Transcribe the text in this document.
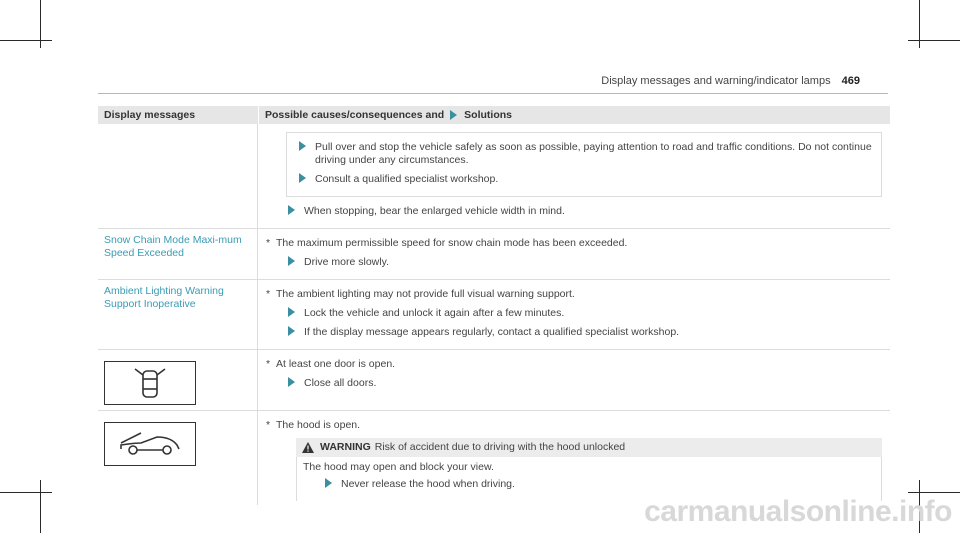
Display messages and warning/indicator lamps 469
Display messages	Possible causes/consequences and Solutions
Pull over and stop the vehicle safely as soon as possible, paying attention to road and traffic conditions. Do not continue driving under any circumstances.
Consult a qualified specialist workshop.
When stopping, bear the enlarged vehicle width in mind.
Snow Chain Mode Maxi-mum Speed Exceeded
* The maximum permissible speed for snow chain mode has been exceeded.
Drive more slowly.
Ambient Lighting Warning Support Inoperative
* The ambient lighting may not provide full visual warning support.
Lock the vehicle and unlock it again after a few minutes.
If the display message appears regularly, contact a qualified specialist workshop.
* At least one door is open.
Close all doors.
* The hood is open.
WARNING Risk of accident due to driving with the hood unlocked
The hood may open and block your view.
Never release the hood when driving.
carmanualsonline.info
